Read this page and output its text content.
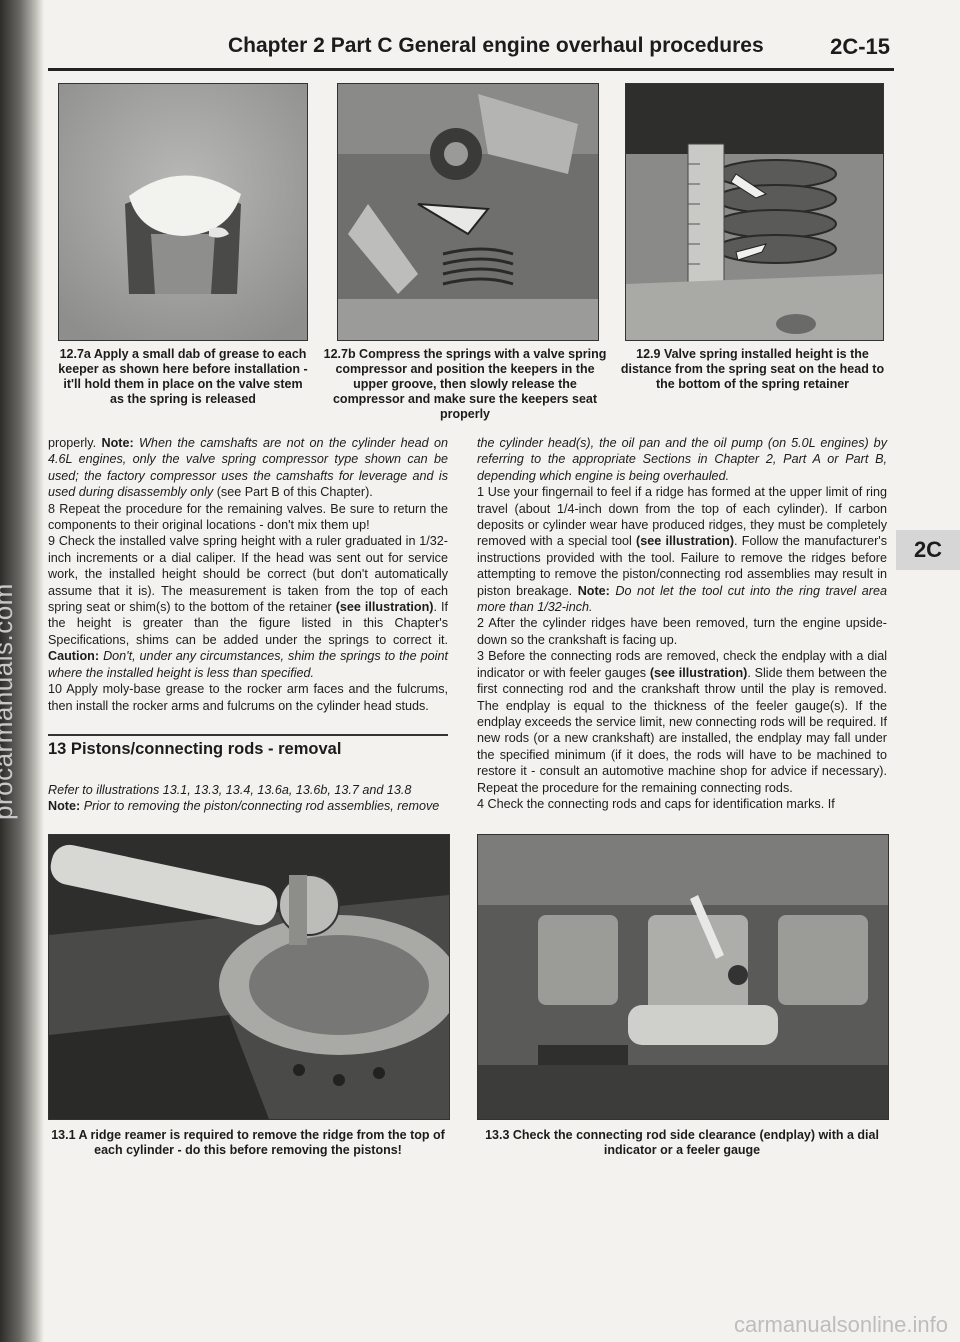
Chapter 2 Part C General engine overhaul procedures	2C-15
12.7a Apply a small dab of grease to each keeper as shown here before installation - it'll hold them in place on the valve stem as the spring is released
12.7b Compress the springs with a valve spring compressor and position the keepers in the upper groove, then slowly release the compressor and make sure the keepers seat properly
12.9 Valve spring installed height is the distance from the spring seat on the head to the bottom of the spring retainer

properly. Note: When the camshafts are not on the cylinder head on 4.6L engines, only the valve spring compressor type shown can be used; the factory compressor uses the camshafts for leverage and is used during disassembly only (see Part B of this Chapter).

8 Repeat the procedure for the remaining valves. Be sure to return the components to their original locations - don't mix them up!

9 Check the installed valve spring height with a ruler graduated in 1/32-inch increments or a dial caliper. If the head was sent out for service work, the installed height should be correct (but don't automatically assume that it is). The measurement is taken from the top of each spring seat or shim(s) to the bottom of the retainer (see illustration). If the height is greater than the figure listed in this Chapter's Specifications, shims can be added under the springs to correct it. Caution: Don't, under any circumstances, shim the springs to the point where the installed height is less than specified.

10 Apply moly-base grease to the rocker arm faces and the fulcrums, then install the rocker arms and fulcrums on the cylinder head studs.

13 Pistons/connecting rods - removal

Refer to illustrations 13.1, 13.3, 13.4, 13.6a, 13.6b, 13.7 and 13.8

Note: Prior to removing the piston/connecting rod assemblies, remove

the cylinder head(s), the oil pan and the oil pump (on 5.0L engines) by referring to the appropriate Sections in Chapter 2, Part A or Part B, depending which engine is being overhauled.

1 Use your fingernail to feel if a ridge has formed at the upper limit of ring travel (about 1/4-inch down from the top of each cylinder). If carbon deposits or cylinder wear have produced ridges, they must be completely removed with a special tool (see illustration). Follow the manufacturer's instructions provided with the tool. Failure to remove the ridges before attempting to remove the piston/connecting rod assemblies may result in piston breakage. Note: Do not let the tool cut into the ring travel area more than 1/32-inch.

2 After the cylinder ridges have been removed, turn the engine upside-down so the crankshaft is facing up.

3 Before the connecting rods are removed, check the endplay with a dial indicator or with feeler gauges (see illustration). Slide them between the first connecting rod and the crankshaft throw until the play is removed. The endplay is equal to the thickness of the feeler gauge(s). If the endplay exceeds the service limit, new connecting rods will be required. If new rods (or a new crankshaft) are installed, the endplay may fall under the specified minimum (if it does, the rods will have to be machined to restore it - consult an automotive machine shop for advice if necessary). Repeat the procedure for the remaining connecting rods.

4 Check the connecting rods and caps for identification marks. If

2C
13.1 A ridge reamer is required to remove the ridge from the top of each cylinder - do this before removing the pistons!
13.3 Check the connecting rod side clearance (endplay) with a dial indicator or a feeler gauge
carmanualsonline.info
